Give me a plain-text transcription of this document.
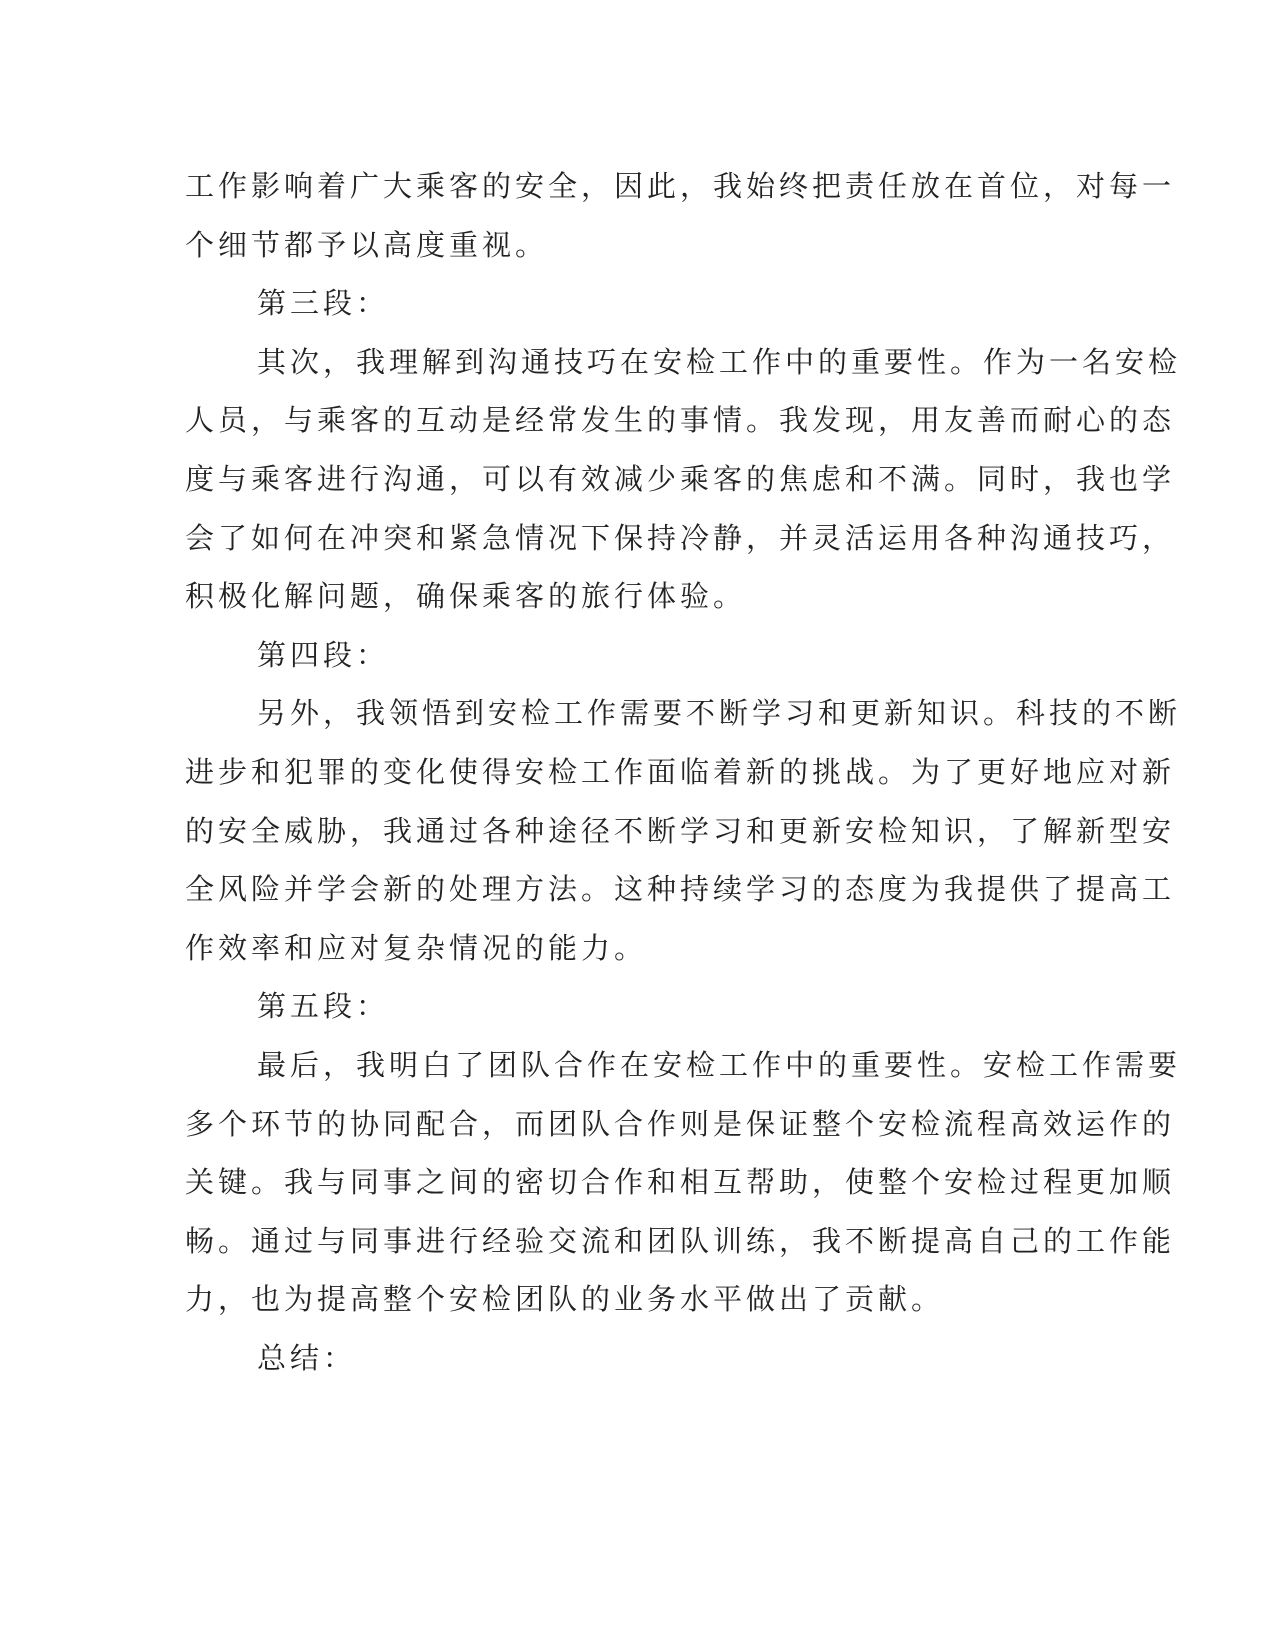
工作影响着广大乘客的安全，因此，我始终把责任放在首位，对每一
个细节都予以高度重视。
第三段：
其次，我理解到沟通技巧在安检工作中的重要性。作为一名安检
人员，与乘客的互动是经常发生的事情。我发现，用友善而耐心的态
度与乘客进行沟通，可以有效减少乘客的焦虑和不满。同时，我也学
会了如何在冲突和紧急情况下保持冷静，并灵活运用各种沟通技巧，
积极化解问题，确保乘客的旅行体验。
第四段：
另外，我领悟到安检工作需要不断学习和更新知识。科技的不断
进步和犯罪的变化使得安检工作面临着新的挑战。为了更好地应对新
的安全威胁，我通过各种途径不断学习和更新安检知识，了解新型安
全风险并学会新的处理方法。这种持续学习的态度为我提供了提高工
作效率和应对复杂情况的能力。
第五段：
最后，我明白了团队合作在安检工作中的重要性。安检工作需要
多个环节的协同配合，而团队合作则是保证整个安检流程高效运作的
关键。我与同事之间的密切合作和相互帮助，使整个安检过程更加顺
畅。通过与同事进行经验交流和团队训练，我不断提高自己的工作能
力，也为提高整个安检团队的业务水平做出了贡献。
总结：
